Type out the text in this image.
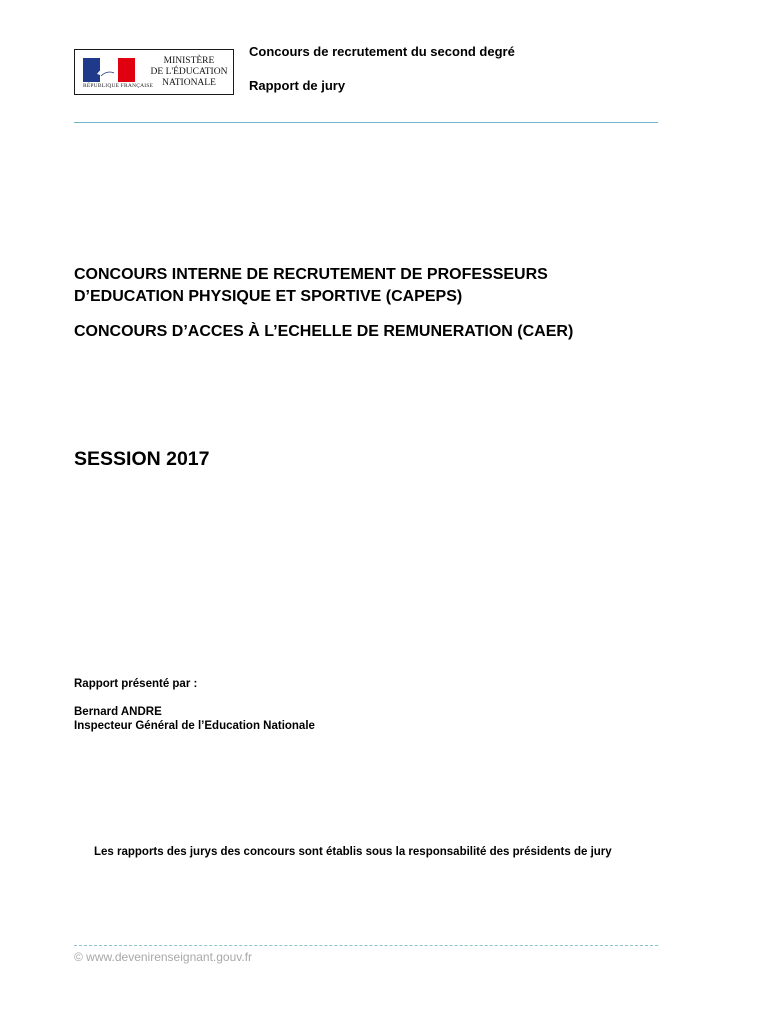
RÉPUBLIQUE FRANÇAISE
MINISTÈRE
DE L'ÉDUCATION
NATIONALE
Concours de recrutement du second degré
Rapport de jury
CONCOURS INTERNE DE RECRUTEMENT DE PROFESSEURS
D’EDUCATION PHYSIQUE ET SPORTIVE (CAPEPS)
CONCOURS D’ACCES À L’ECHELLE DE REMUNERATION (CAER)
SESSION 2017
Rapport présenté par :
Bernard ANDRE
Inspecteur Général de l’Education Nationale
Les rapports des jurys des concours sont établis sous la responsabilité des présidents de jury
© www.devenirenseignant.gouv.fr
